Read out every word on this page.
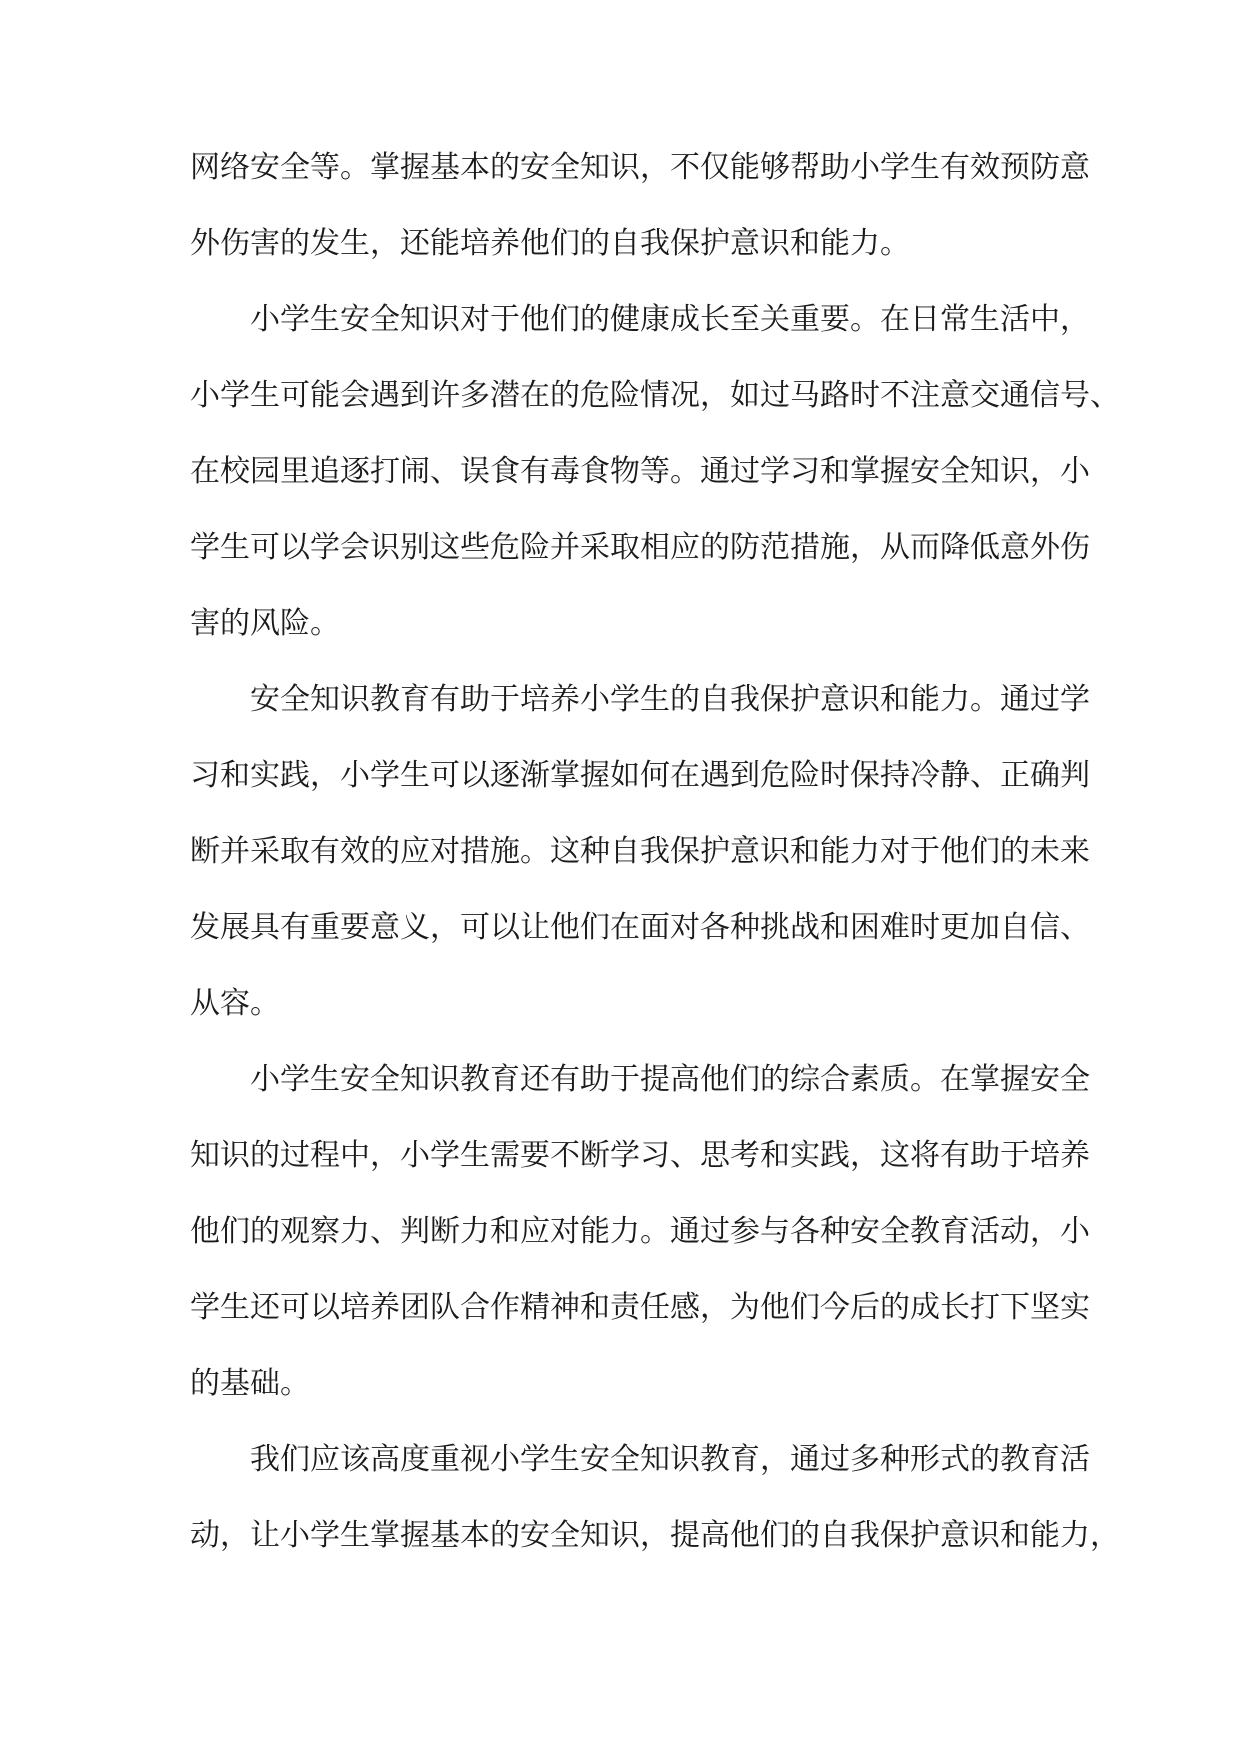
网络安全等。掌握基本的安全知识，不仅能够帮助小学生有效预防意
外伤害的发生，还能培养他们的自我保护意识和能力。
小学生安全知识对于他们的健康成长至关重要。在日常生活中，
小学生可能会遇到许多潜在的危险情况，如过马路时不注意交通信号、
在校园里追逐打闹、误食有毒食物等。通过学习和掌握安全知识，小
学生可以学会识别这些危险并采取相应的防范措施，从而降低意外伤
害的风险。
安全知识教育有助于培养小学生的自我保护意识和能力。通过学
习和实践，小学生可以逐渐掌握如何在遇到危险时保持冷静、正确判
断并采取有效的应对措施。这种自我保护意识和能力对于他们的未来
发展具有重要意义，可以让他们在面对各种挑战和困难时更加自信、
从容。
小学生安全知识教育还有助于提高他们的综合素质。在掌握安全
知识的过程中，小学生需要不断学习、思考和实践，这将有助于培养
他们的观察力、判断力和应对能力。通过参与各种安全教育活动，小
学生还可以培养团队合作精神和责任感，为他们今后的成长打下坚实
的基础。
我们应该高度重视小学生安全知识教育，通过多种形式的教育活
动，让小学生掌握基本的安全知识，提高他们的自我保护意识和能力，
